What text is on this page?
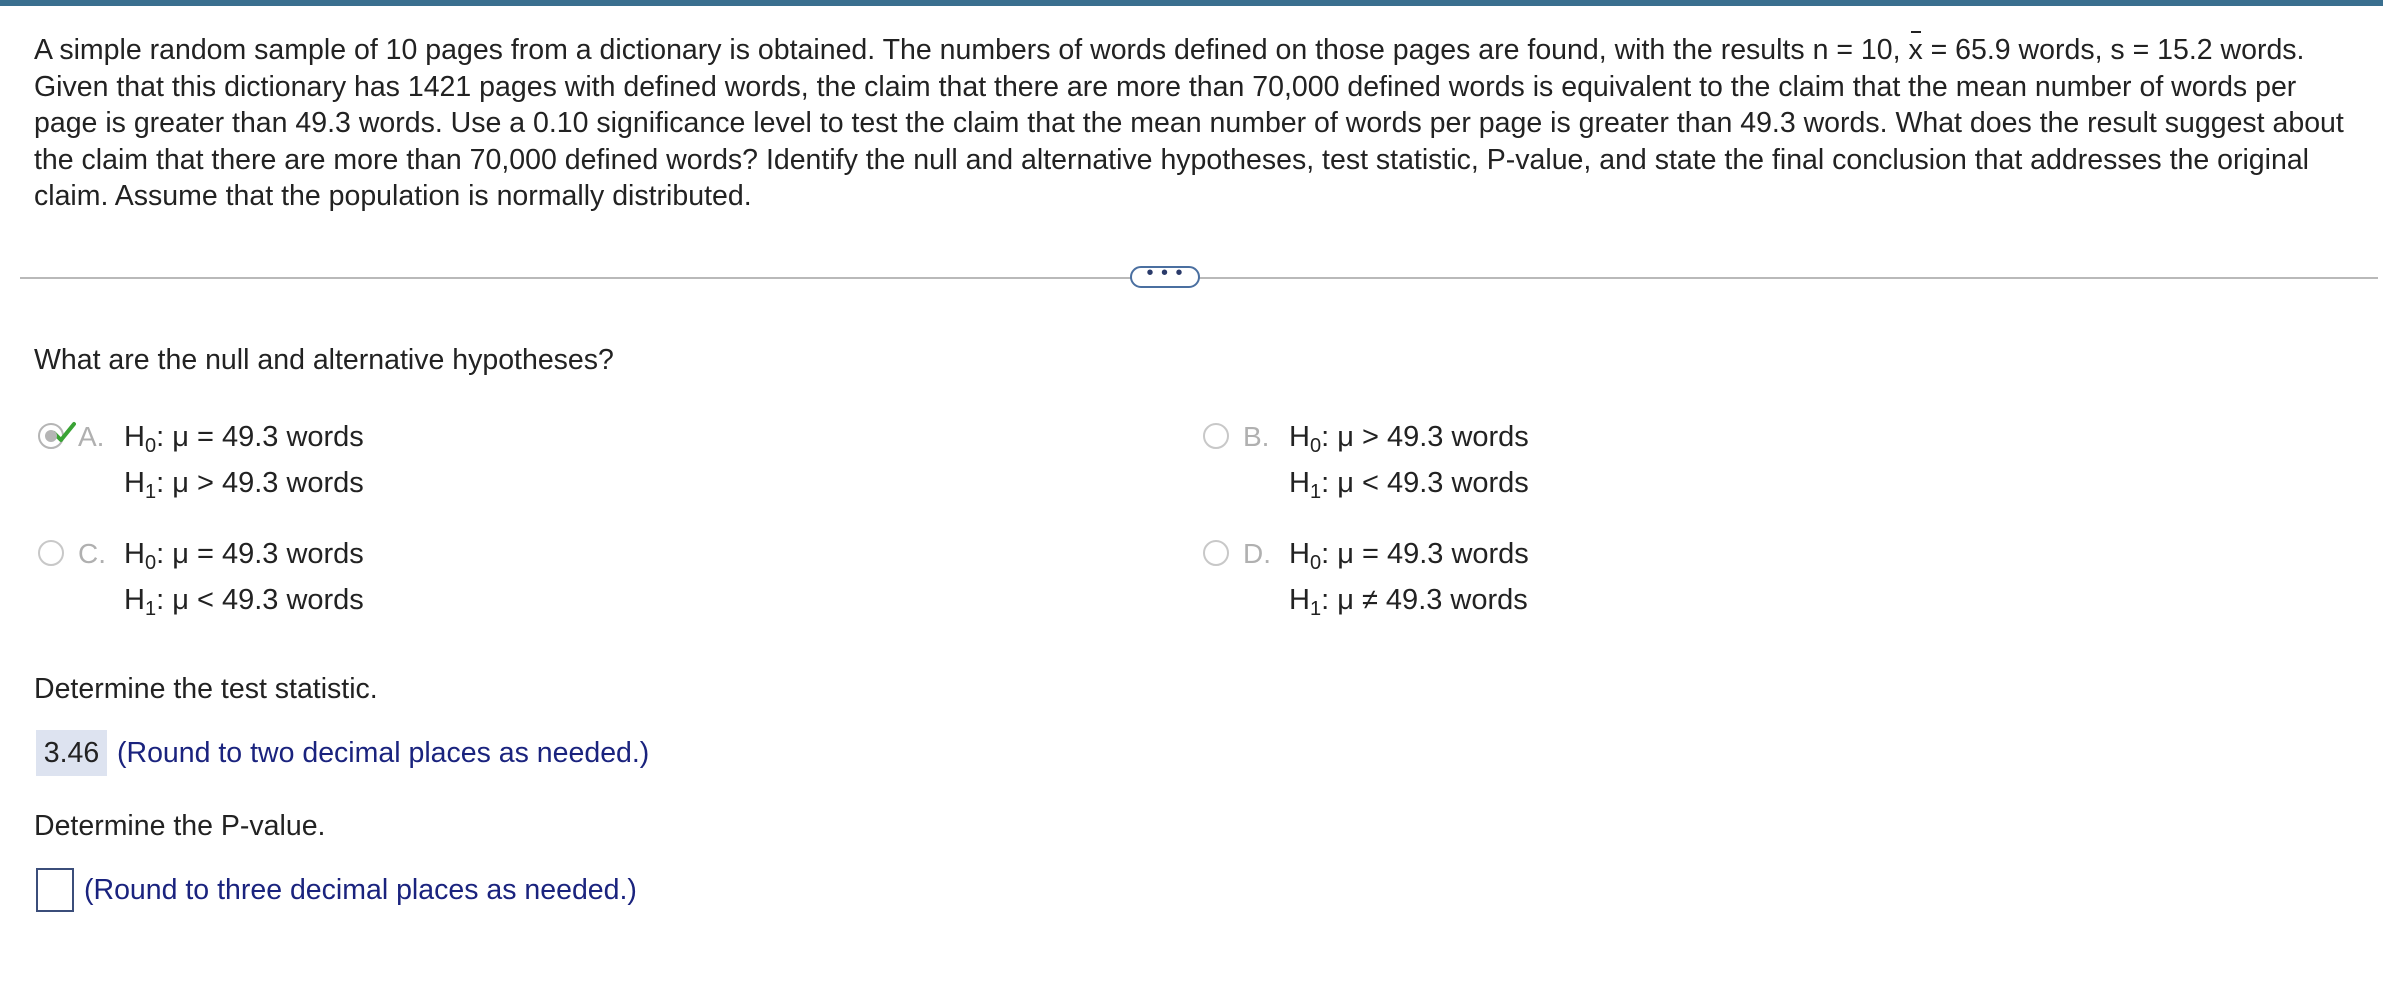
A simple random sample of 10 pages from a dictionary is obtained. The numbers of words defined on those pages are found, with the results n = 10, x = 65.9 words, s = 15.2 words. Given that this dictionary has 1421 pages with defined words, the claim that there are more than 70,000 defined words is equivalent to the claim that the mean number of words per page is greater than 49.3 words. Use a 0.10 significance level to test the claim that the mean number of words per page is greater than 49.3 words. What does the result suggest about the claim that there are more than 70,000 defined words? Identify the null and alternative hypotheses, test statistic, P-value, and state the final conclusion that addresses the original claim. Assume that the population is normally distributed.
• • •
What are the null and alternative hypotheses?
A. $H_0$: μ = 49.3 words
$H_1$: μ > 49.3 words
B. $H_0$: μ > 49.3 words
$H_1$: μ < 49.3 words
C. $H_0$: μ = 49.3 words
$H_1$: μ < 49.3 words
D. $H_0$: μ = 49.3 words
$H_1$: μ ≠ 49.3 words
Determine the test statistic.
3.46 (Round to two decimal places as needed.)
Determine the P-value.
(Round to three decimal places as needed.)
